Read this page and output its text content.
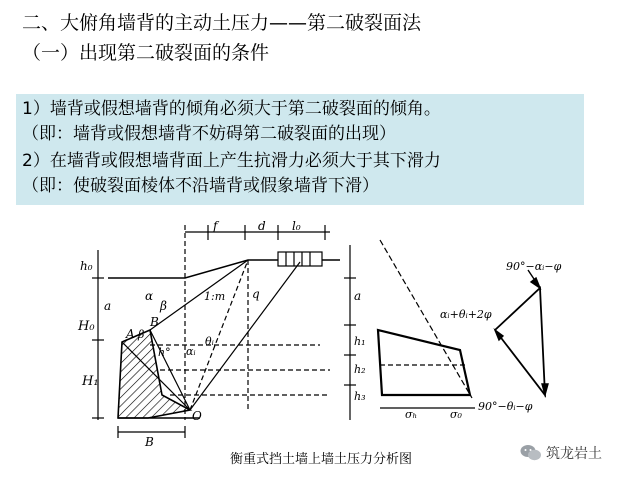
二、大俯角墙背的主动土压力——第二破裂面法
（一）出现第二破裂面的条件
1）墙背或假想墙背的倾角必须大于第二破裂面的倾角。
（即：墙背或假想墙背不妨碍第二破裂面的出现）
2）在墙背或假想墙背面上产生抗滑力必须大于其下滑力
（即：使破裂面棱体不沿墙背或假象墙背下滑）
f	d l₀
h₀
a
H₀
H₁
B
A β
B
α
β
1:m q
O
h° αᵢ
θᵢ
a
h₁
h₂
h₃
σₕ	σ₀
αᵢ+θᵢ+2φ
90°−αᵢ−φ
90°−θᵢ−φ
衡重式挡土墙上墙土压力分析图	筑龙岩土
